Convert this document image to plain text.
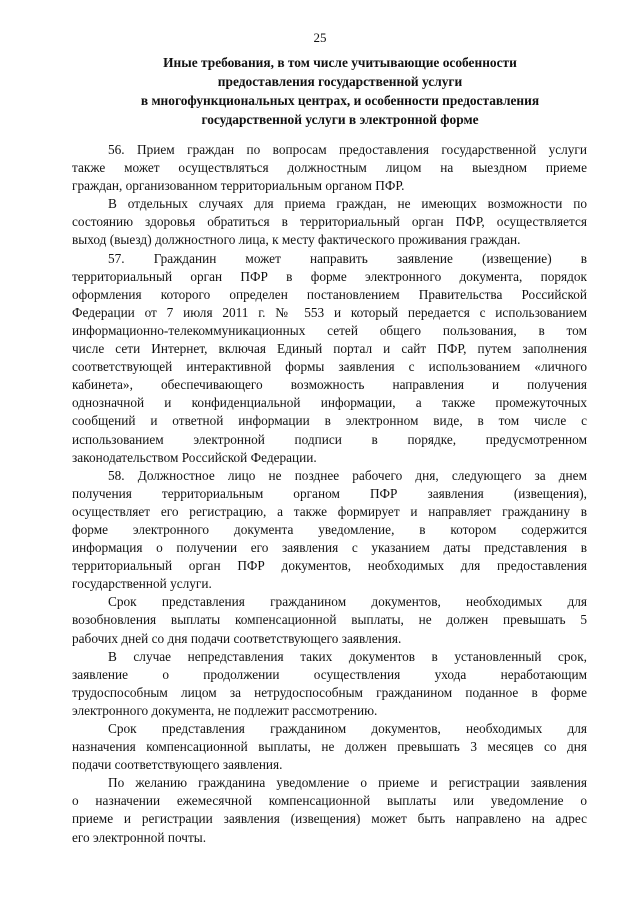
25
Иные требования, в том числе учитывающие особенности
предоставления государственной услуги
в многофункциональных центрах, и особенности предоставления
государственной услуги в электронной форме

56. Прием граждан по вопросам предоставления государственной услуги
также может осуществляться должностным лицом на выездном приеме
граждан, организованном территориальным органом ПФР.

В отдельных случаях для приема граждан, не имеющих возможности по
состоянию здоровья обратиться в территориальный орган ПФР, осуществляется
выход (выезд) должностного лица, к месту фактического проживания граждан.

57. Гражданин может направить заявление (извещение) в
территориальный орган ПФР в форме электронного документа, порядок
оформления которого определен постановлением Правительства Российской
Федерации от 7 июля 2011 г. № 553 и который передается с использованием
информационно-телекоммуникационных сетей общего пользования, в том
числе сети Интернет, включая Единый портал и сайт ПФР, путем заполнения
соответствующей интерактивной формы заявления с использованием «личного
кабинета», обеспечивающего возможность направления и получения
однозначной и конфиденциальной информации, а также промежуточных
сообщений и ответной информации в электронном виде, в том числе с
использованием электронной подписи в порядке, предусмотренном
законодательством Российской Федерации.

58. Должностное лицо не позднее рабочего дня, следующего за днем
получения территориальным органом ПФР заявления (извещения),
осуществляет его регистрацию, а также формирует и направляет гражданину в
форме электронного документа уведомление, в котором содержится
информация о получении его заявления с указанием даты представления в
территориальный орган ПФР документов, необходимых для предоставления
государственной услуги.

Срок представления гражданином документов, необходимых для
возобновления выплаты компенсационной выплаты, не должен превышать 5
рабочих дней со дня подачи соответствующего заявления.

В случае непредставления таких документов в установленный срок,
заявление о продолжении осуществления ухода неработающим
трудоспособным лицом за нетрудоспособным гражданином поданное в форме
электронного документа, не подлежит рассмотрению.

Срок представления гражданином документов, необходимых для
назначения компенсационной выплаты, не должен превышать 3 месяцев со дня
подачи соответствующего заявления.

По желанию гражданина уведомление о приеме и регистрации заявления
о назначении ежемесячной компенсационной выплаты или уведомление о
приеме и регистрации заявления (извещения) может быть направлено на адрес
его электронной почты.
